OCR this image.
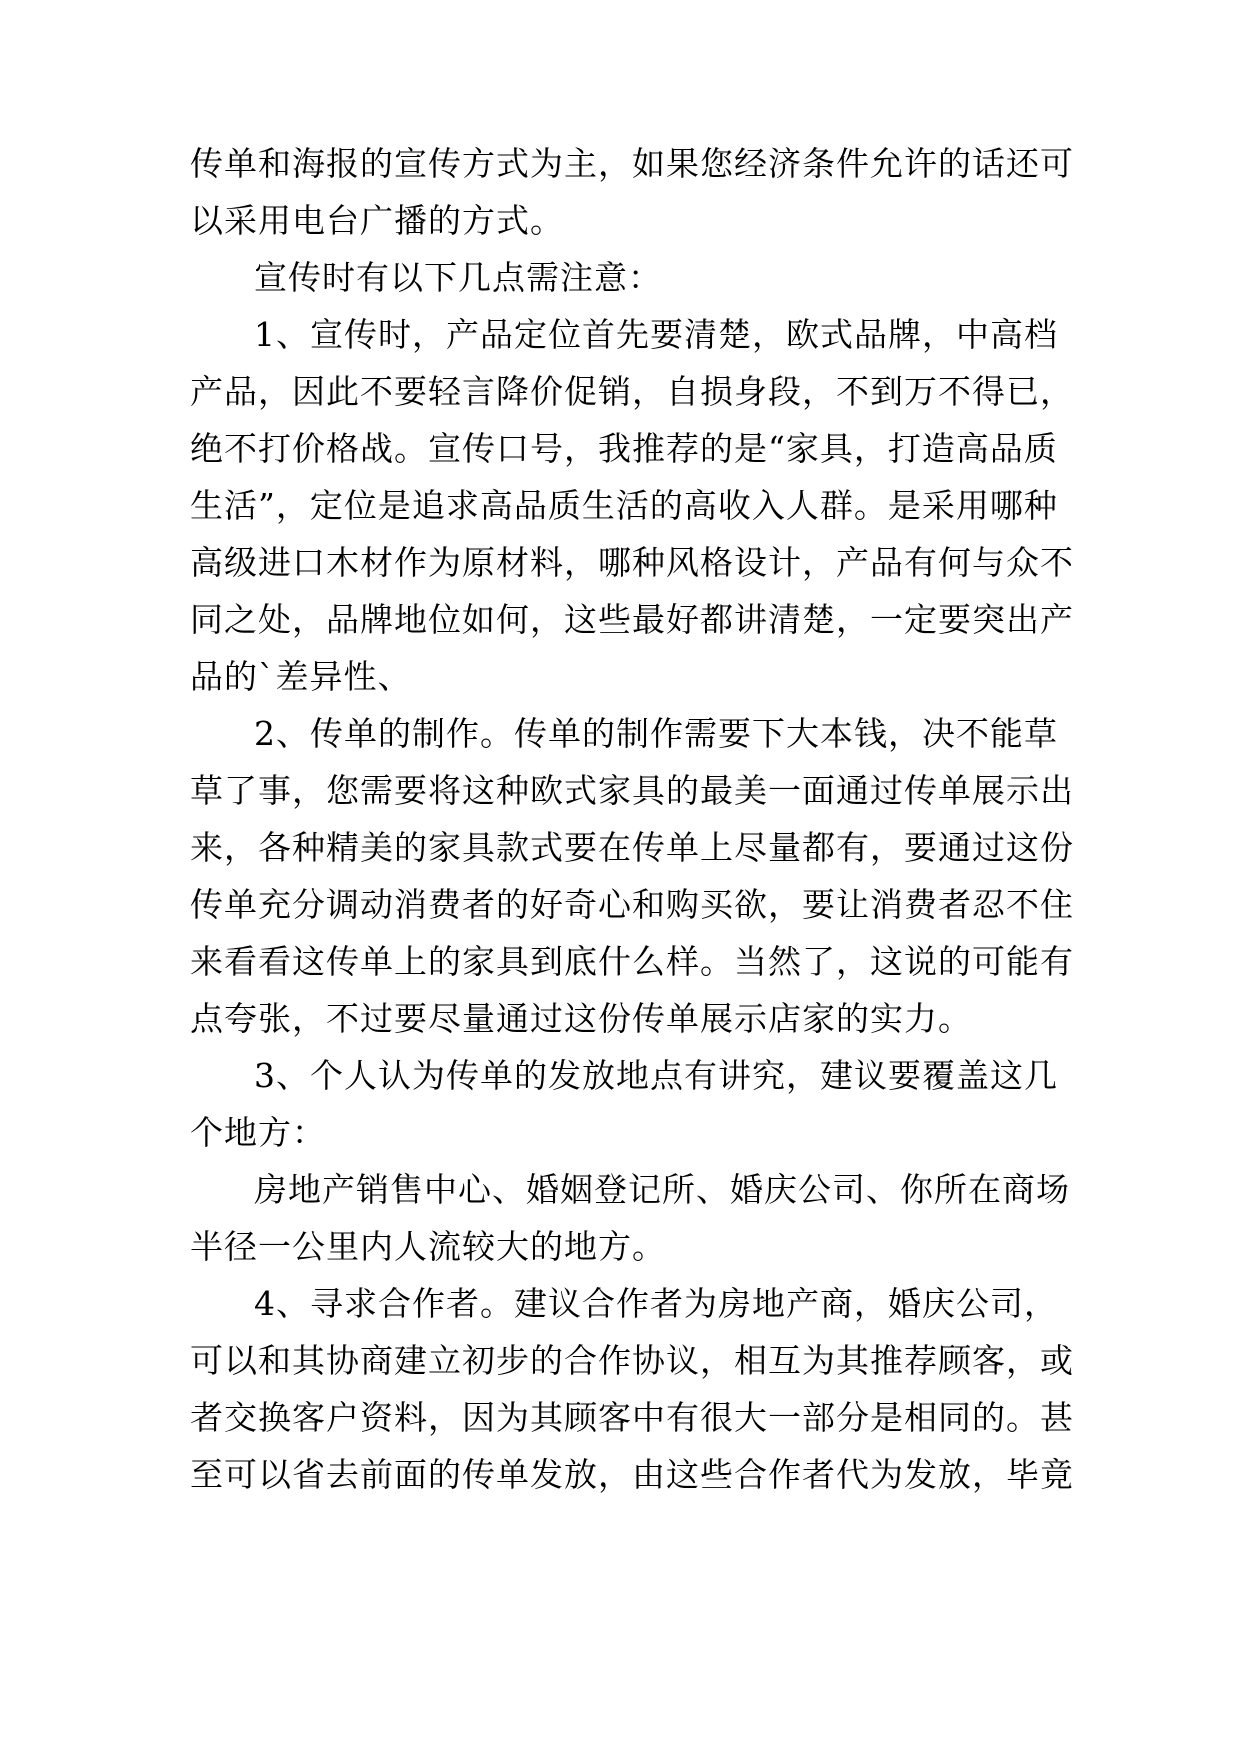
传单和海报的宣传方式为主，如果您经济条件允许的话还可

以采用电台广播的方式。

宣传时有以下几点需注意：

1、宣传时，产品定位首先要清楚，欧式品牌，中高档

产品，因此不要轻言降价促销，自损身段，不到万不得已，

绝不打价格战。宣传口号，我推荐的是“家具，打造高品质

生活”，定位是追求高品质生活的高收入人群。是采用哪种

高级进口木材作为原材料，哪种风格设计，产品有何与众不

同之处，品牌地位如何，这些最好都讲清楚，一定要突出产

品的`差异性、

2、传单的制作。传单的制作需要下大本钱，决不能草

草了事，您需要将这种欧式家具的最美一面通过传单展示出

来，各种精美的家具款式要在传单上尽量都有，要通过这份

传单充分调动消费者的好奇心和购买欲，要让消费者忍不住

来看看这传单上的家具到底什么样。当然了，这说的可能有

点夸张，不过要尽量通过这份传单展示店家的实力。

3、个人认为传单的发放地点有讲究，建议要覆盖这几

个地方：

房地产销售中心、婚姻登记所、婚庆公司、你所在商场

半径一公里内人流较大的地方。

4、寻求合作者。建议合作者为房地产商，婚庆公司，

可以和其协商建立初步的合作协议，相互为其推荐顾客，或

者交换客户资料，因为其顾客中有很大一部分是相同的。甚

至可以省去前面的传单发放，由这些合作者代为发放，毕竟
